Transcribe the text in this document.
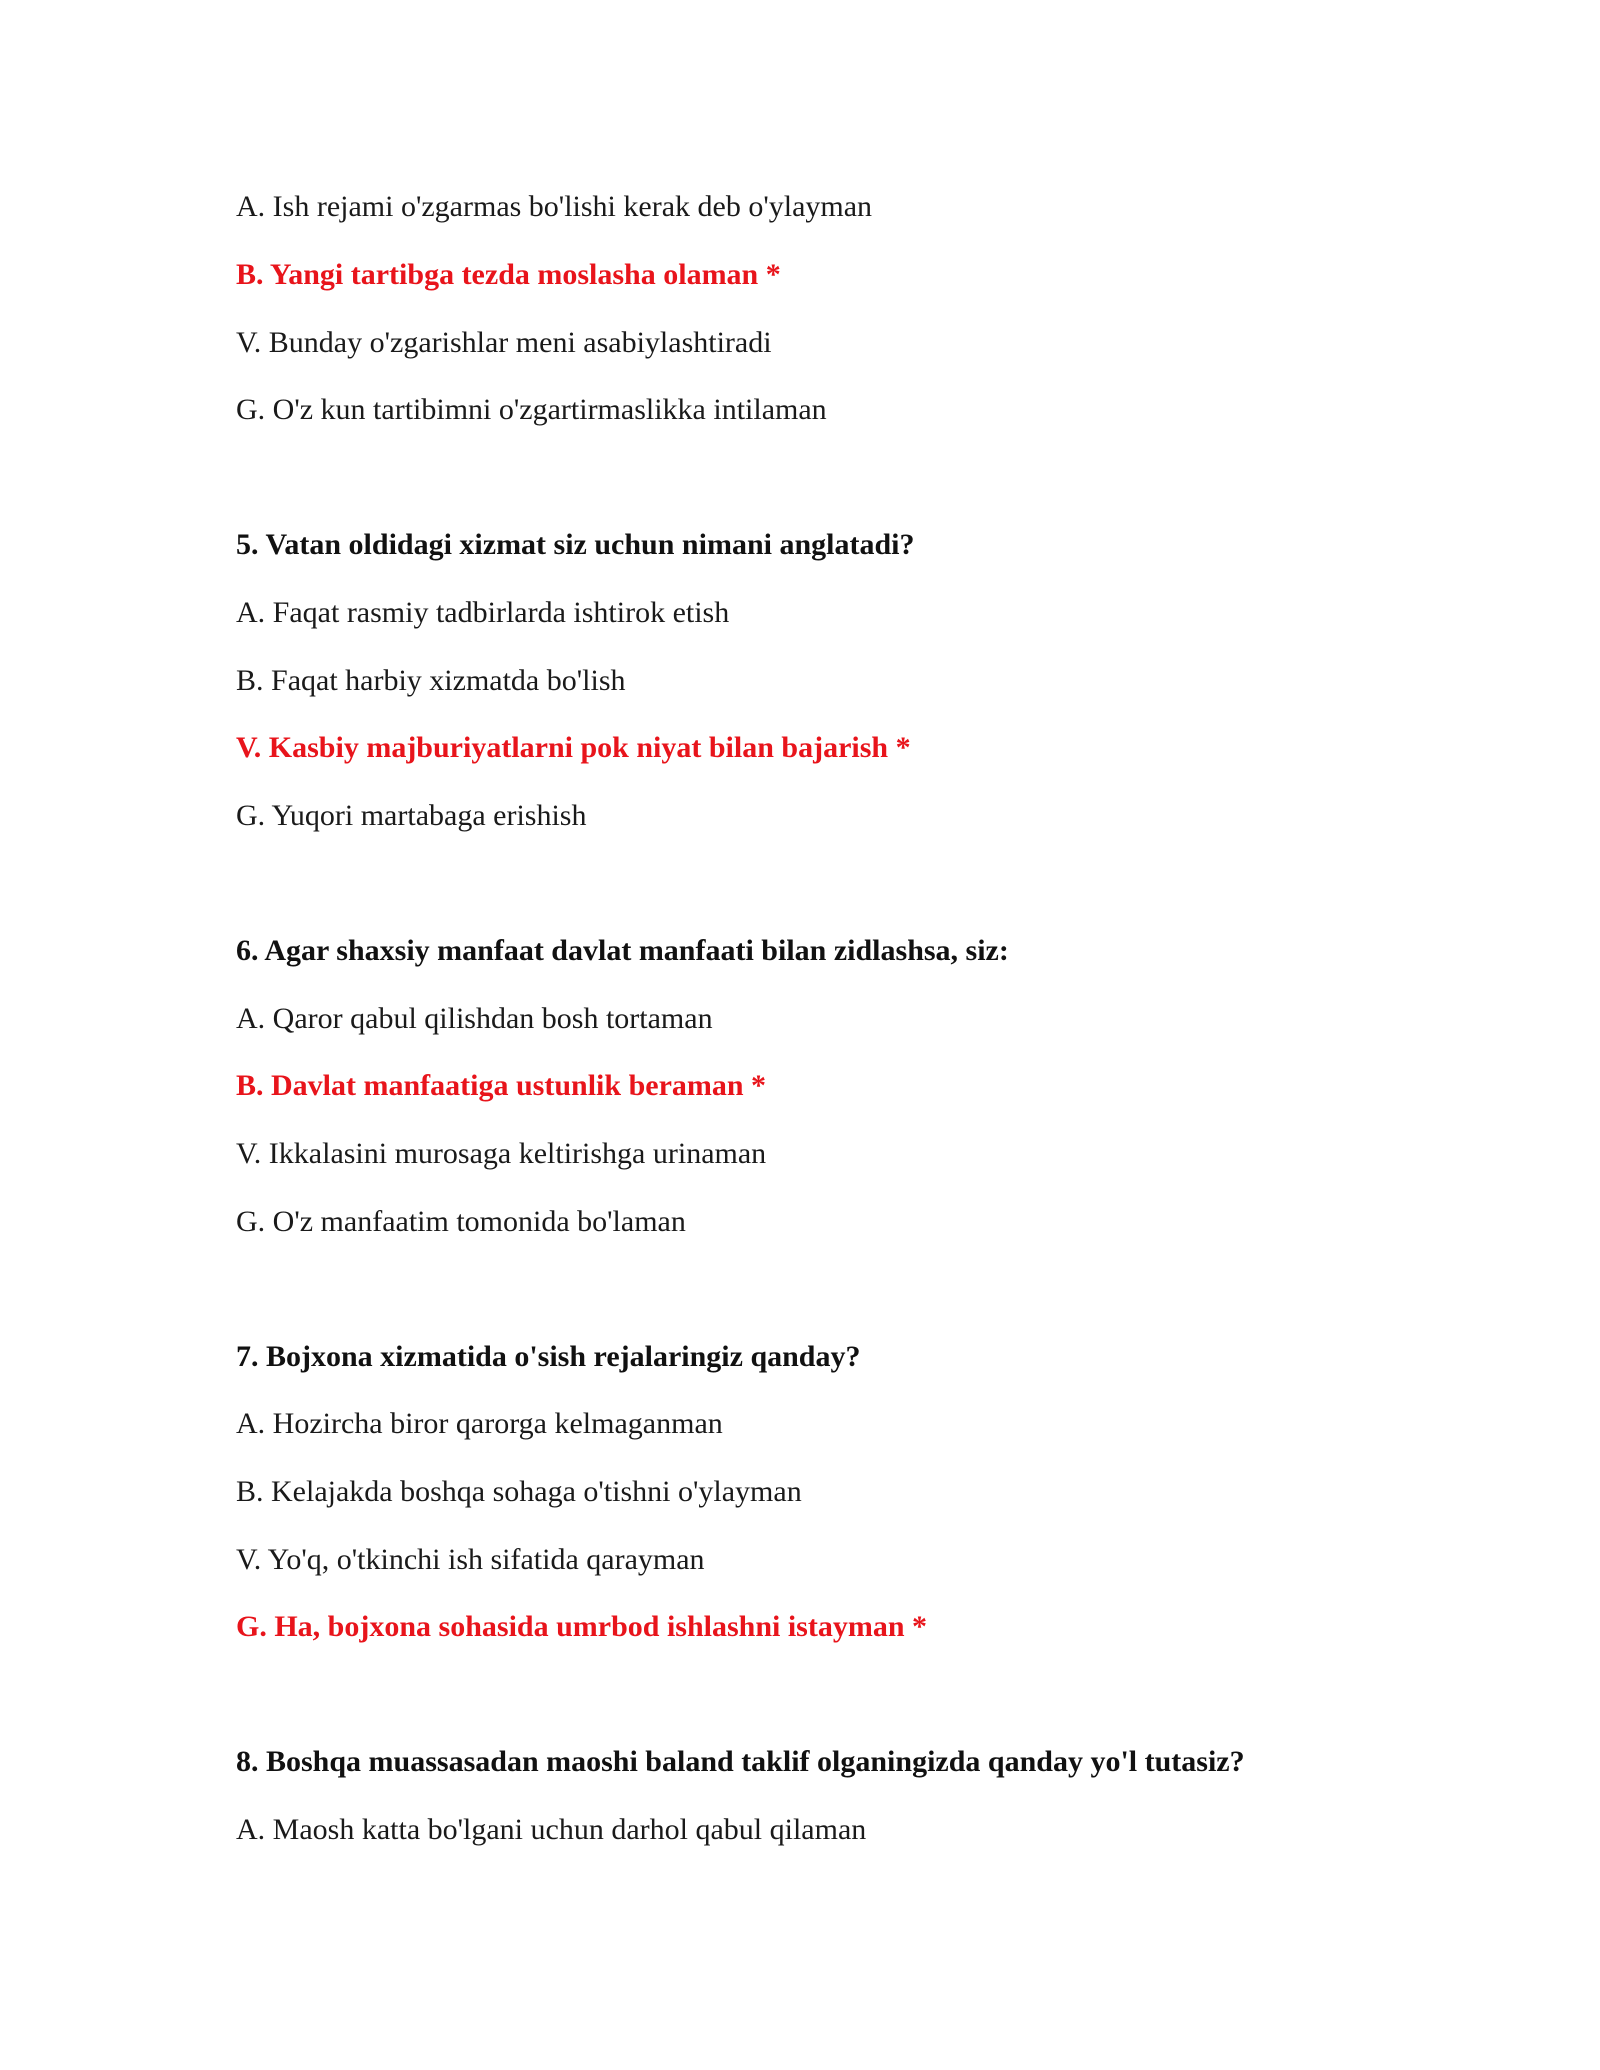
A. Ish rejami o'zgarmas bo'lishi kerak deb o'ylayman

B. Yangi tartibga tezda moslasha olaman *

V. Bunday o'zgarishlar meni asabiylashtiradi

G. O'z kun tartibimni o'zgartirmaslikka intilaman

5. Vatan oldidagi xizmat siz uchun nimani anglatadi?

A. Faqat rasmiy tadbirlarda ishtirok etish

B. Faqat harbiy xizmatda bo'lish

V. Kasbiy majburiyatlarni pok niyat bilan bajarish *

G. Yuqori martabaga erishish

6. Agar shaxsiy manfaat davlat manfaati bilan zidlashsa, siz:

A. Qaror qabul qilishdan bosh tortaman

B. Davlat manfaatiga ustunlik beraman *

V. Ikkalasini murosaga keltirishga urinaman

G. O'z manfaatim tomonida bo'laman

7. Bojxona xizmatida o'sish rejalaringiz qanday?

A. Hozircha biror qarorga kelmaganman

B. Kelajakda boshqa sohaga o'tishni o'ylayman

V. Yo'q, o'tkinchi ish sifatida qarayman

G. Ha, bojxona sohasida umrbod ishlashni istayman *

8. Boshqa muassasadan maoshi baland taklif olganingizda qanday yo'l tutasiz?

A. Maosh katta bo'lgani uchun darhol qabul qilaman
